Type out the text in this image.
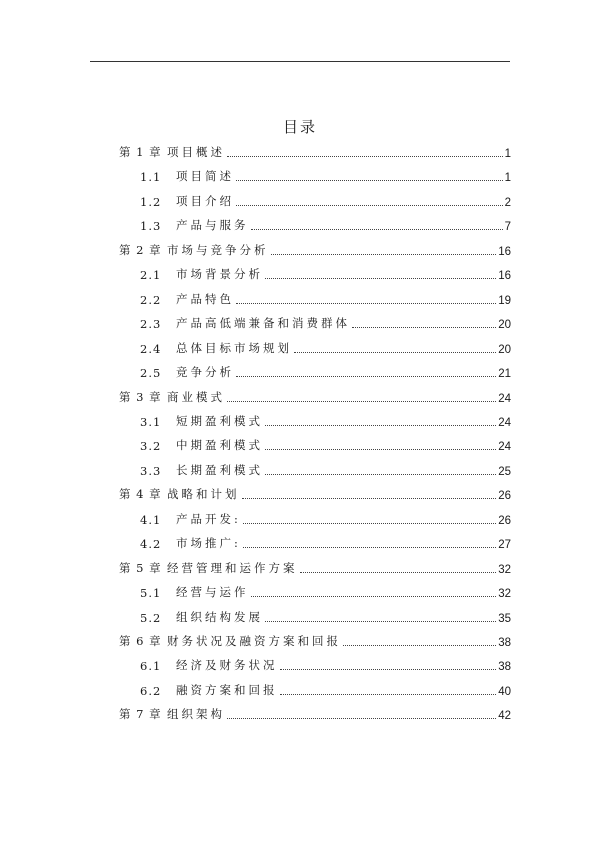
目录
第 1 章 项目概述	1
1.1	项目简述	1
1.2	项目介绍	2
1.3	产品与服务	7
第 2 章 市场与竞争分析	16
2.1	市场背景分析	16
2.2	产品特色	19
2.3	产品高低端兼备和消费群体	20
2.4	总体目标市场规划	20
2.5	竞争分析	21
第 3 章 商业模式	24
3.1	短期盈利模式	24
3.2	中期盈利模式	24
3.3	长期盈利模式	25
第 4 章 战略和计划	26
4.1	产品开发:	26
4.2	市场推广:	27
第 5 章 经营管理和运作方案	32
5.1	经营与运作	32
5.2	组织结构发展	35
第 6 章 财务状况及融资方案和回报	38
6.1	经济及财务状况	38
6.2	融资方案和回报	40
第 7 章 组织架构	42
